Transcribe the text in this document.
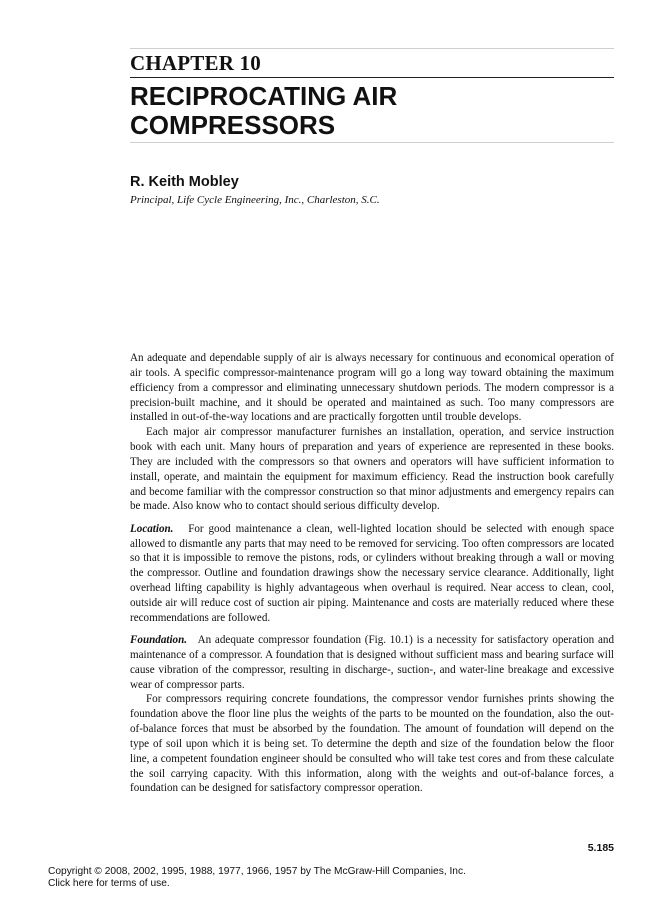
CHAPTER 10
RECIPROCATING AIR
COMPRESSORS

R. Keith Mobley

Principal, Life Cycle Engineering, Inc., Charleston, S.C.

An adequate and dependable supply of air is always necessary for continuous and economical operation of air tools. A specific compressor-maintenance program will go a long way toward obtaining the maximum efficiency from a compressor and eliminating unnecessary shutdown periods. The modern compressor is a precision-built machine, and it should be operated and maintained as such. Too many compressors are installed in out-of-the-way locations and are practically forgotten until trouble develops.

Each major air compressor manufacturer furnishes an installation, operation, and service instruction book with each unit. Many hours of preparation and years of experience are represented in these books. They are included with the compressors so that owners and operators will have sufficient information to install, operate, and maintain the equipment for maximum efficiency. Read the instruction book carefully and become familiar with the compressor construction so that minor adjustments and emergency repairs can be made. Also know who to contact should serious difficulty develop.

Location. For good maintenance a clean, well-lighted location should be selected with enough space allowed to dismantle any parts that may need to be removed for servicing. Too often compressors are located so that it is impossible to remove the pistons, rods, or cylinders without breaking through a wall or moving the compressor. Outline and foundation drawings show the necessary service clearance. Additionally, light overhead lifting capability is highly advantageous when overhaul is required. Near access to clean, cool, outside air will reduce cost of suction air piping. Maintenance and costs are materially reduced where these recommendations are followed.

Foundation. An adequate compressor foundation (Fig. 10.1) is a necessity for satisfactory operation and maintenance of a compressor. A foundation that is designed without sufficient mass and bearing surface will cause vibration of the compressor, resulting in discharge-, suction-, and water-line breakage and excessive wear of compressor parts.

For compressors requiring concrete foundations, the compressor vendor furnishes prints showing the foundation above the floor line plus the weights of the parts to be mounted on the foundation, also the out-of-balance forces that must be absorbed by the foundation. The amount of foundation will depend on the type of soil upon which it is being set. To determine the depth and size of the foundation below the floor line, a competent foundation engineer should be consulted who will take test cores and from these calculate the soil carrying capacity. With this information, along with the weights and out-of-balance forces, a foundation can be designed for satisfactory compressor operation.

5.185

Copyright © 2008, 2002, 1995, 1988, 1977, 1966, 1957 by The McGraw-Hill Companies, Inc.
Click here for terms of use.
